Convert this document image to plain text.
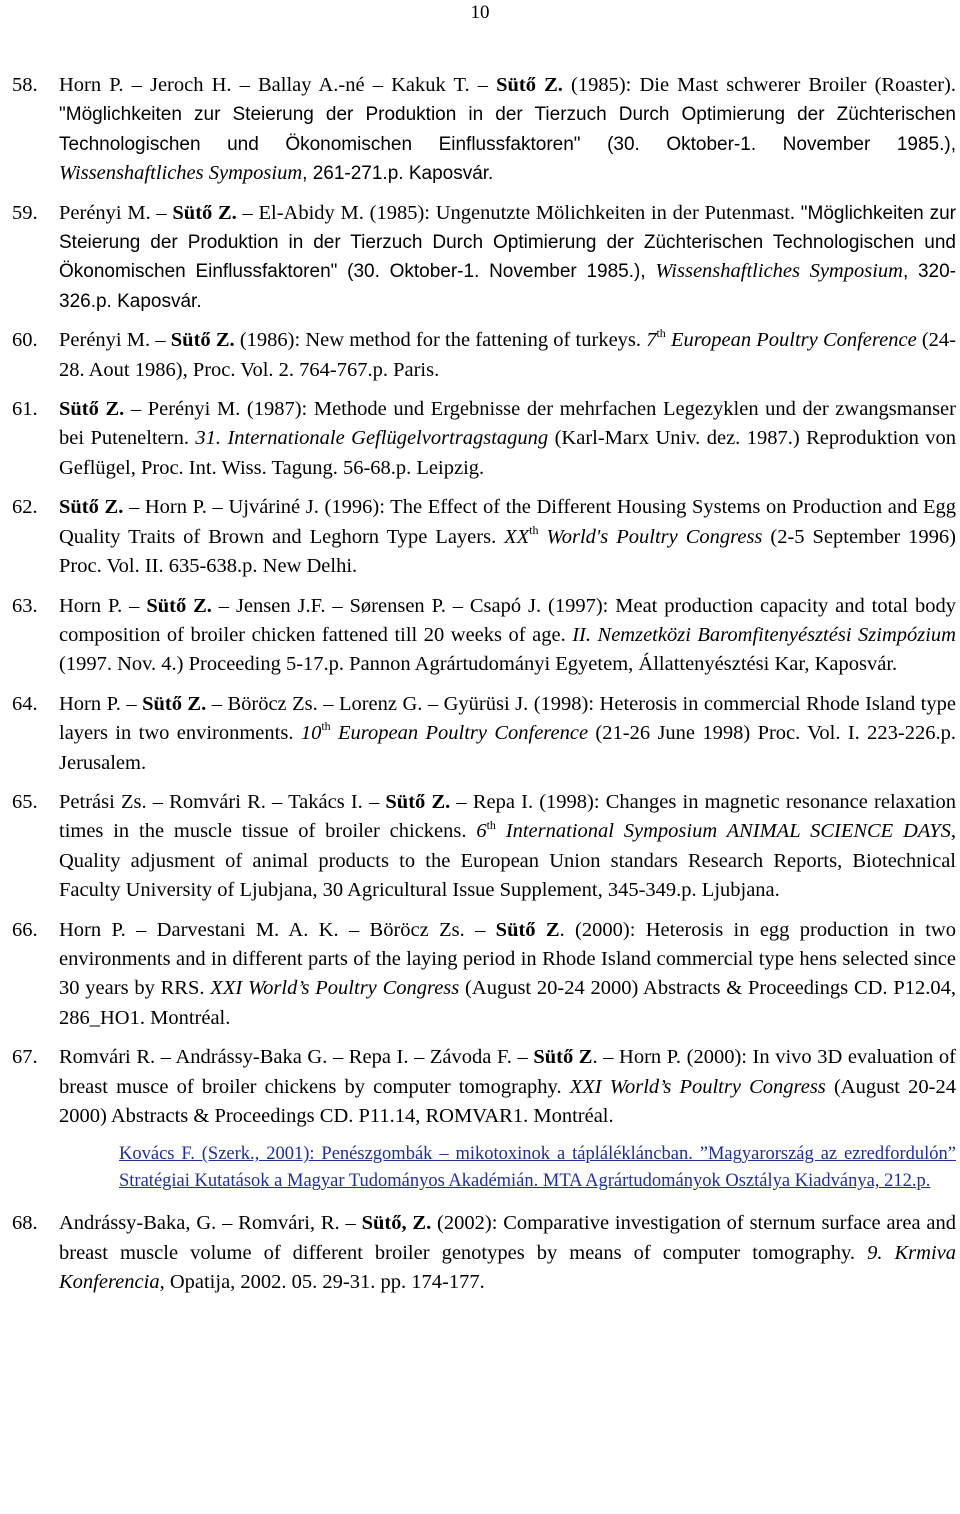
10
58.	Horn P. – Jeroch H. – Ballay A.-né – Kakuk T. – Sütő Z. (1985): Die Mast schwerer Broiler (Roaster). "Möglichkeiten zur Steierung der Produktion in der Tierzuch Durch Optimierung der Züchterischen Technologischen und Ökonomischen Einflussfaktoren" (30. Oktober-1. November 1985.), Wissenshaftliches Symposium, 261-271.p. Kaposvár.
59.	Perényi M. – Sütő Z. – El-Abidy M. (1985): Ungenutzte Mölichkeiten in der Putenmast. "Möglichkeiten zur Steierung der Produktion in der Tierzuch Durch Optimierung der Züchterischen Technologischen und Ökonomischen Einflussfaktoren" (30. Oktober-1. November 1985.), Wissenshaftliches Symposium, 320-326.p. Kaposvár.
60.	Perényi M. – Sütő Z. (1986): New method for the fattening of turkeys. 7th European Poultry Conference (24-28. Aout 1986), Proc. Vol. 2. 764-767.p. Paris.
61.	Sütő Z. – Perényi M. (1987): Methode und Ergebnisse der mehrfachen Legezyklen und der zwangsmanser bei Puteneltern. 31. Internationale Geflügelvortragstagung (Karl-Marx Univ. dez. 1987.) Reproduktion von Geflügel, Proc. Int. Wiss. Tagung. 56-68.p. Leipzig.
62.	Sütő Z. – Horn P. – Ujváriné J. (1996): The Effect of the Different Housing Systems on Production and Egg Quality Traits of Brown and Leghorn Type Layers. XXth World's Poultry Congress (2-5 September 1996) Proc. Vol. II. 635-638.p. New Delhi.
63.	Horn P. – Sütő Z. – Jensen J.F. – Sørensen P. – Csapó J. (1997): Meat production capacity and total body composition of broiler chicken fattened till 20 weeks of age. II. Nemzetközi Baromfitenyésztési Szimpózium (1997. Nov. 4.) Proceeding 5-17.p. Pannon Agrártudományi Egyetem, Állattenyésztési Kar, Kaposvár.
64.	Horn P. – Sütő Z. – Böröcz Zs. – Lorenz G. – Gyürüsi J. (1998): Heterosis in commercial Rhode Island type layers in two environments. 10th European Poultry Conference (21-26 June 1998) Proc. Vol. I. 223-226.p. Jerusalem.
65.	Petrási Zs. – Romvári R. – Takács I. – Sütő Z. – Repa I. (1998): Changes in magnetic resonance relaxation times in the muscle tissue of broiler chickens. 6th International Symposium ANIMAL SCIENCE DAYS, Quality adjusment of animal products to the European Union standars Research Reports, Biotechnical Faculty University of Ljubjana, 30 Agricultural Issue Supplement, 345-349.p. Ljubjana.
66.	Horn P. – Darvestani M. A. K. – Böröcz Zs. – Sütő Z. (2000): Heterosis in egg production in two environments and in different parts of the laying period in Rhode Island commercial type hens selected since 30 years by RRS. XXI World’s Poultry Congress (August 20-24 2000) Abstracts & Proceedings CD. P12.04, 286_HO1. Montréal.
67.	Romvári R. – Andrássy-Baka G. – Repa I. – Závoda F. – Sütő Z. – Horn P. (2000): In vivo 3D evaluation of breast musce of broiler chickens by computer tomography. XXI World’s Poultry Congress (August 20-24 2000) Abstracts & Proceedings CD. P11.14, ROMVAR1. Montréal.
Kovács F. (Szerk., 2001): Penészgombák – mikotoxinok a táplálékláncban. ”Magyarország az ezredfordulón” Stratégiai Kutatások a Magyar Tudományos Akadémián. MTA Agrártudományok Osztálya Kiadványa, 212.p.
68.	Andrássy-Baka, G. – Romvári, R. – Sütő, Z. (2002): Comparative investigation of sternum surface area and breast muscle volume of different broiler genotypes by means of computer tomography. 9. Krmiva Konferencia, Opatija, 2002. 05. 29-31. pp. 174-177.
